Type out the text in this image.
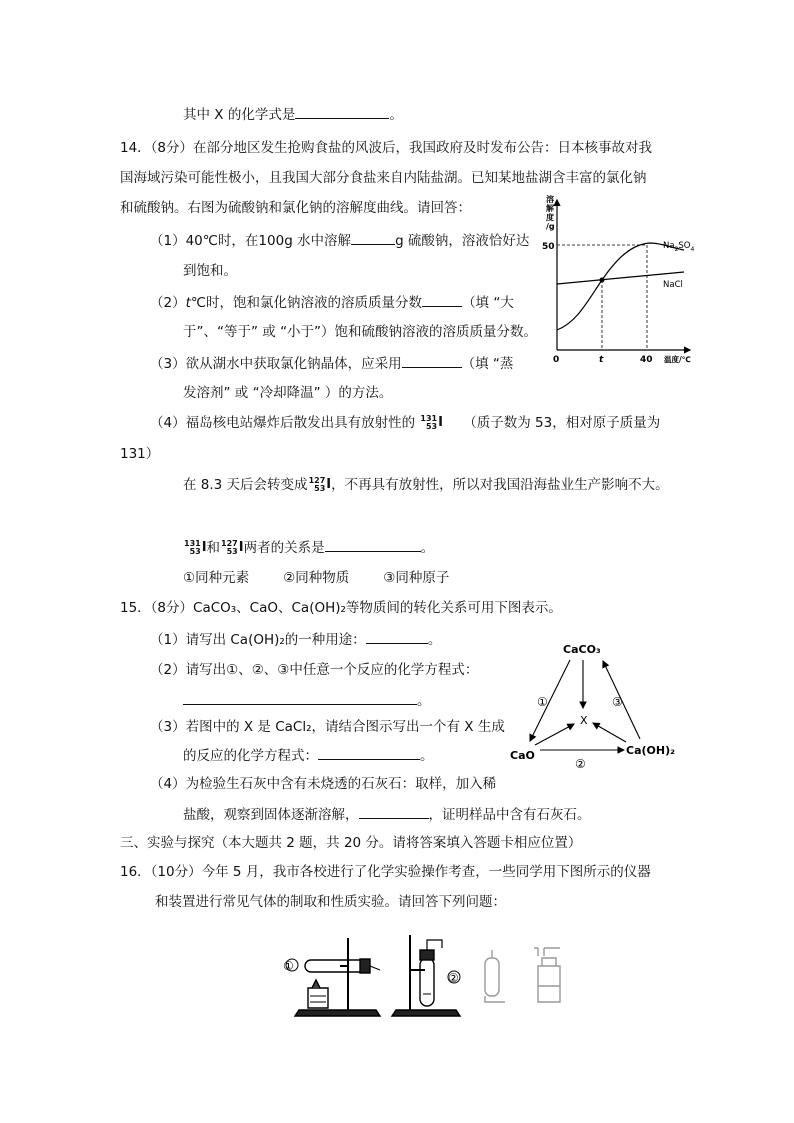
其中 X 的化学式是	。
14．（8分）在部分地区发生抢购食盐的风波后，我国政府及时发布公告：日本核事故对我
国海域污染可能性极小，且我国大部分食盐来自内陆盐湖。已知某地盐湖含丰富的氯化钠
和硫酸钠。右图为硫酸钠和氯化钠的溶解度曲线。请回答：
（1）40℃时，在100g 水中溶解	g 硫酸钠，溶液恰好达
到饱和。
（2）t℃时，饱和氯化钠溶液的溶质质量分数	（填 “大
于”、“等于” 或 “小于”）饱和硫酸钠溶液的溶质质量分数。
（3）欲从湖水中获取氯化钠晶体，应采用	（填 “蒸
发溶剂” 或 “冷却降温” ）的方法。
（4）福岛核电站爆炸后散发出具有放射性的 131
53I （质子数为 53，相对原子质量为
131）
在 8.3 天后会转变成127
53I，不再具有放射性，所以对我国沿海盐业生产影响不大。
131
53I和127
53I两者的关系是	。
①同种元素	②同种物质	③同种原子
溶解度/g
50
0	t	40 温度/℃
$Na_2SO_4$
NaCl
15．（8分）CaCO₃、CaO、Ca(OH)₂等物质间的转化关系可用下图表示。
（1）请写出 Ca(OH)₂的一种用途：	。
（2）请写出①、②、③中任意一个反应的化学方程式：
。
（3）若图中的 X 是 CaCl₂，请结合图示写出一个有 X 生成
的反应的化学方程式：	。
（4）为检验生石灰中含有未烧透的石灰石：取样，加入稀
盐酸，观察到固体逐渐溶解，	，证明样品中含有石灰石。
CaCO₃
CaO	Ca(OH)₂
X
①	③
②
三、实验与探究（本大题共 2 题，共 20 分。请将答案填入答题卡相应位置）
16．（10分）今年 5 月，我市各校进行了化学实验操作考查，一些同学用下图所示的仪器
和装置进行常见气体的制取和性质实验。请回答下列问题：
①
②
